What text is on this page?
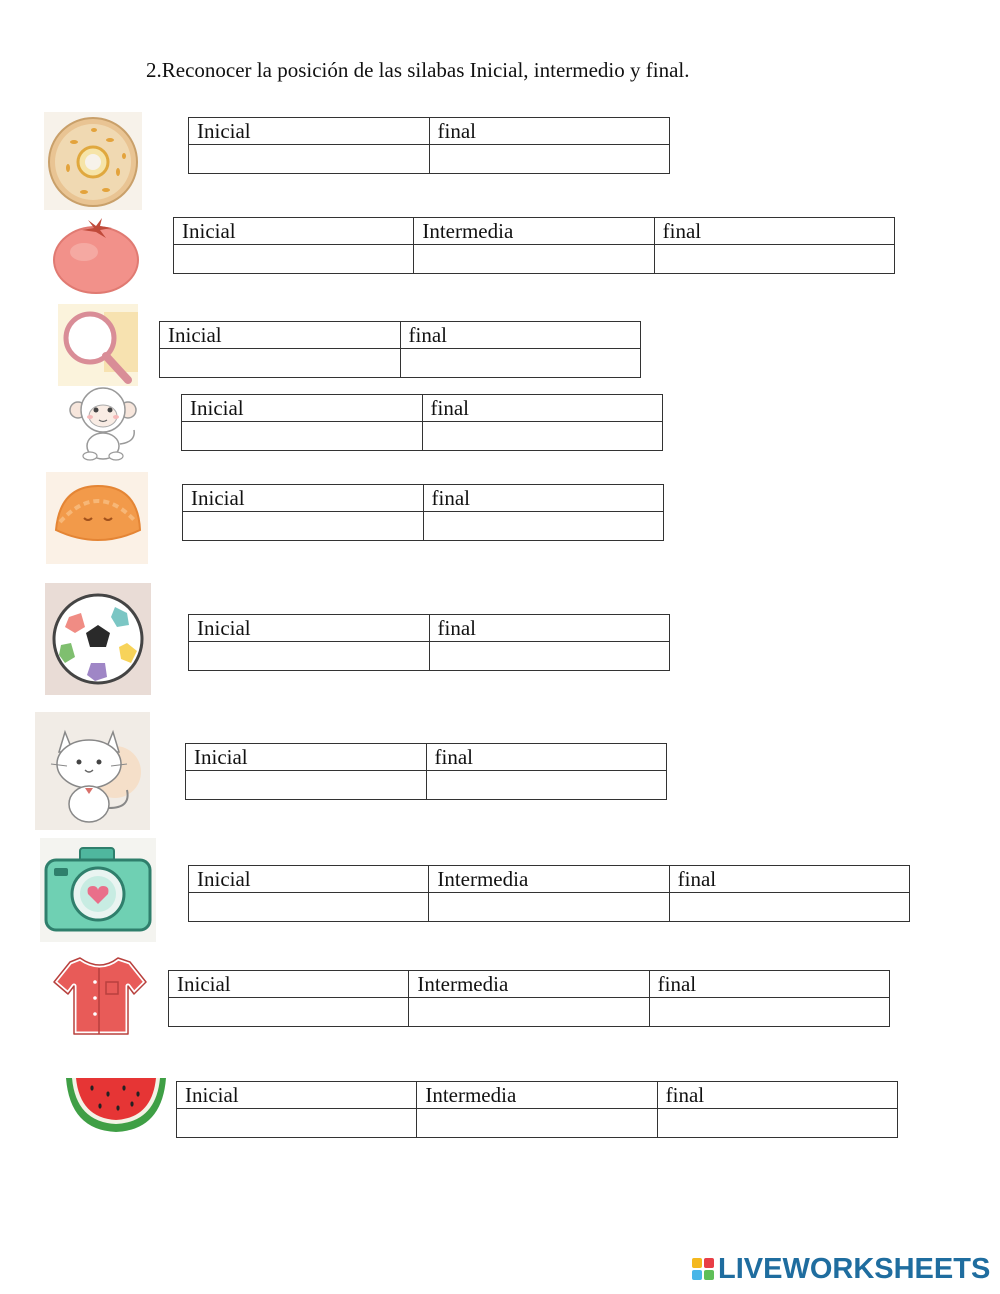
2.Reconocer la posición de las silabas Inicial, intermedio y final.
Inicial	final

Inicial	Intermedia	final

Inicial	final

Inicial	final

Inicial	final

Inicial	final

Inicial	final

Inicial	Intermedia	final

Inicial	Intermedia	final

Inicial	Intermedia	final

LIVEWORKSHEETS
